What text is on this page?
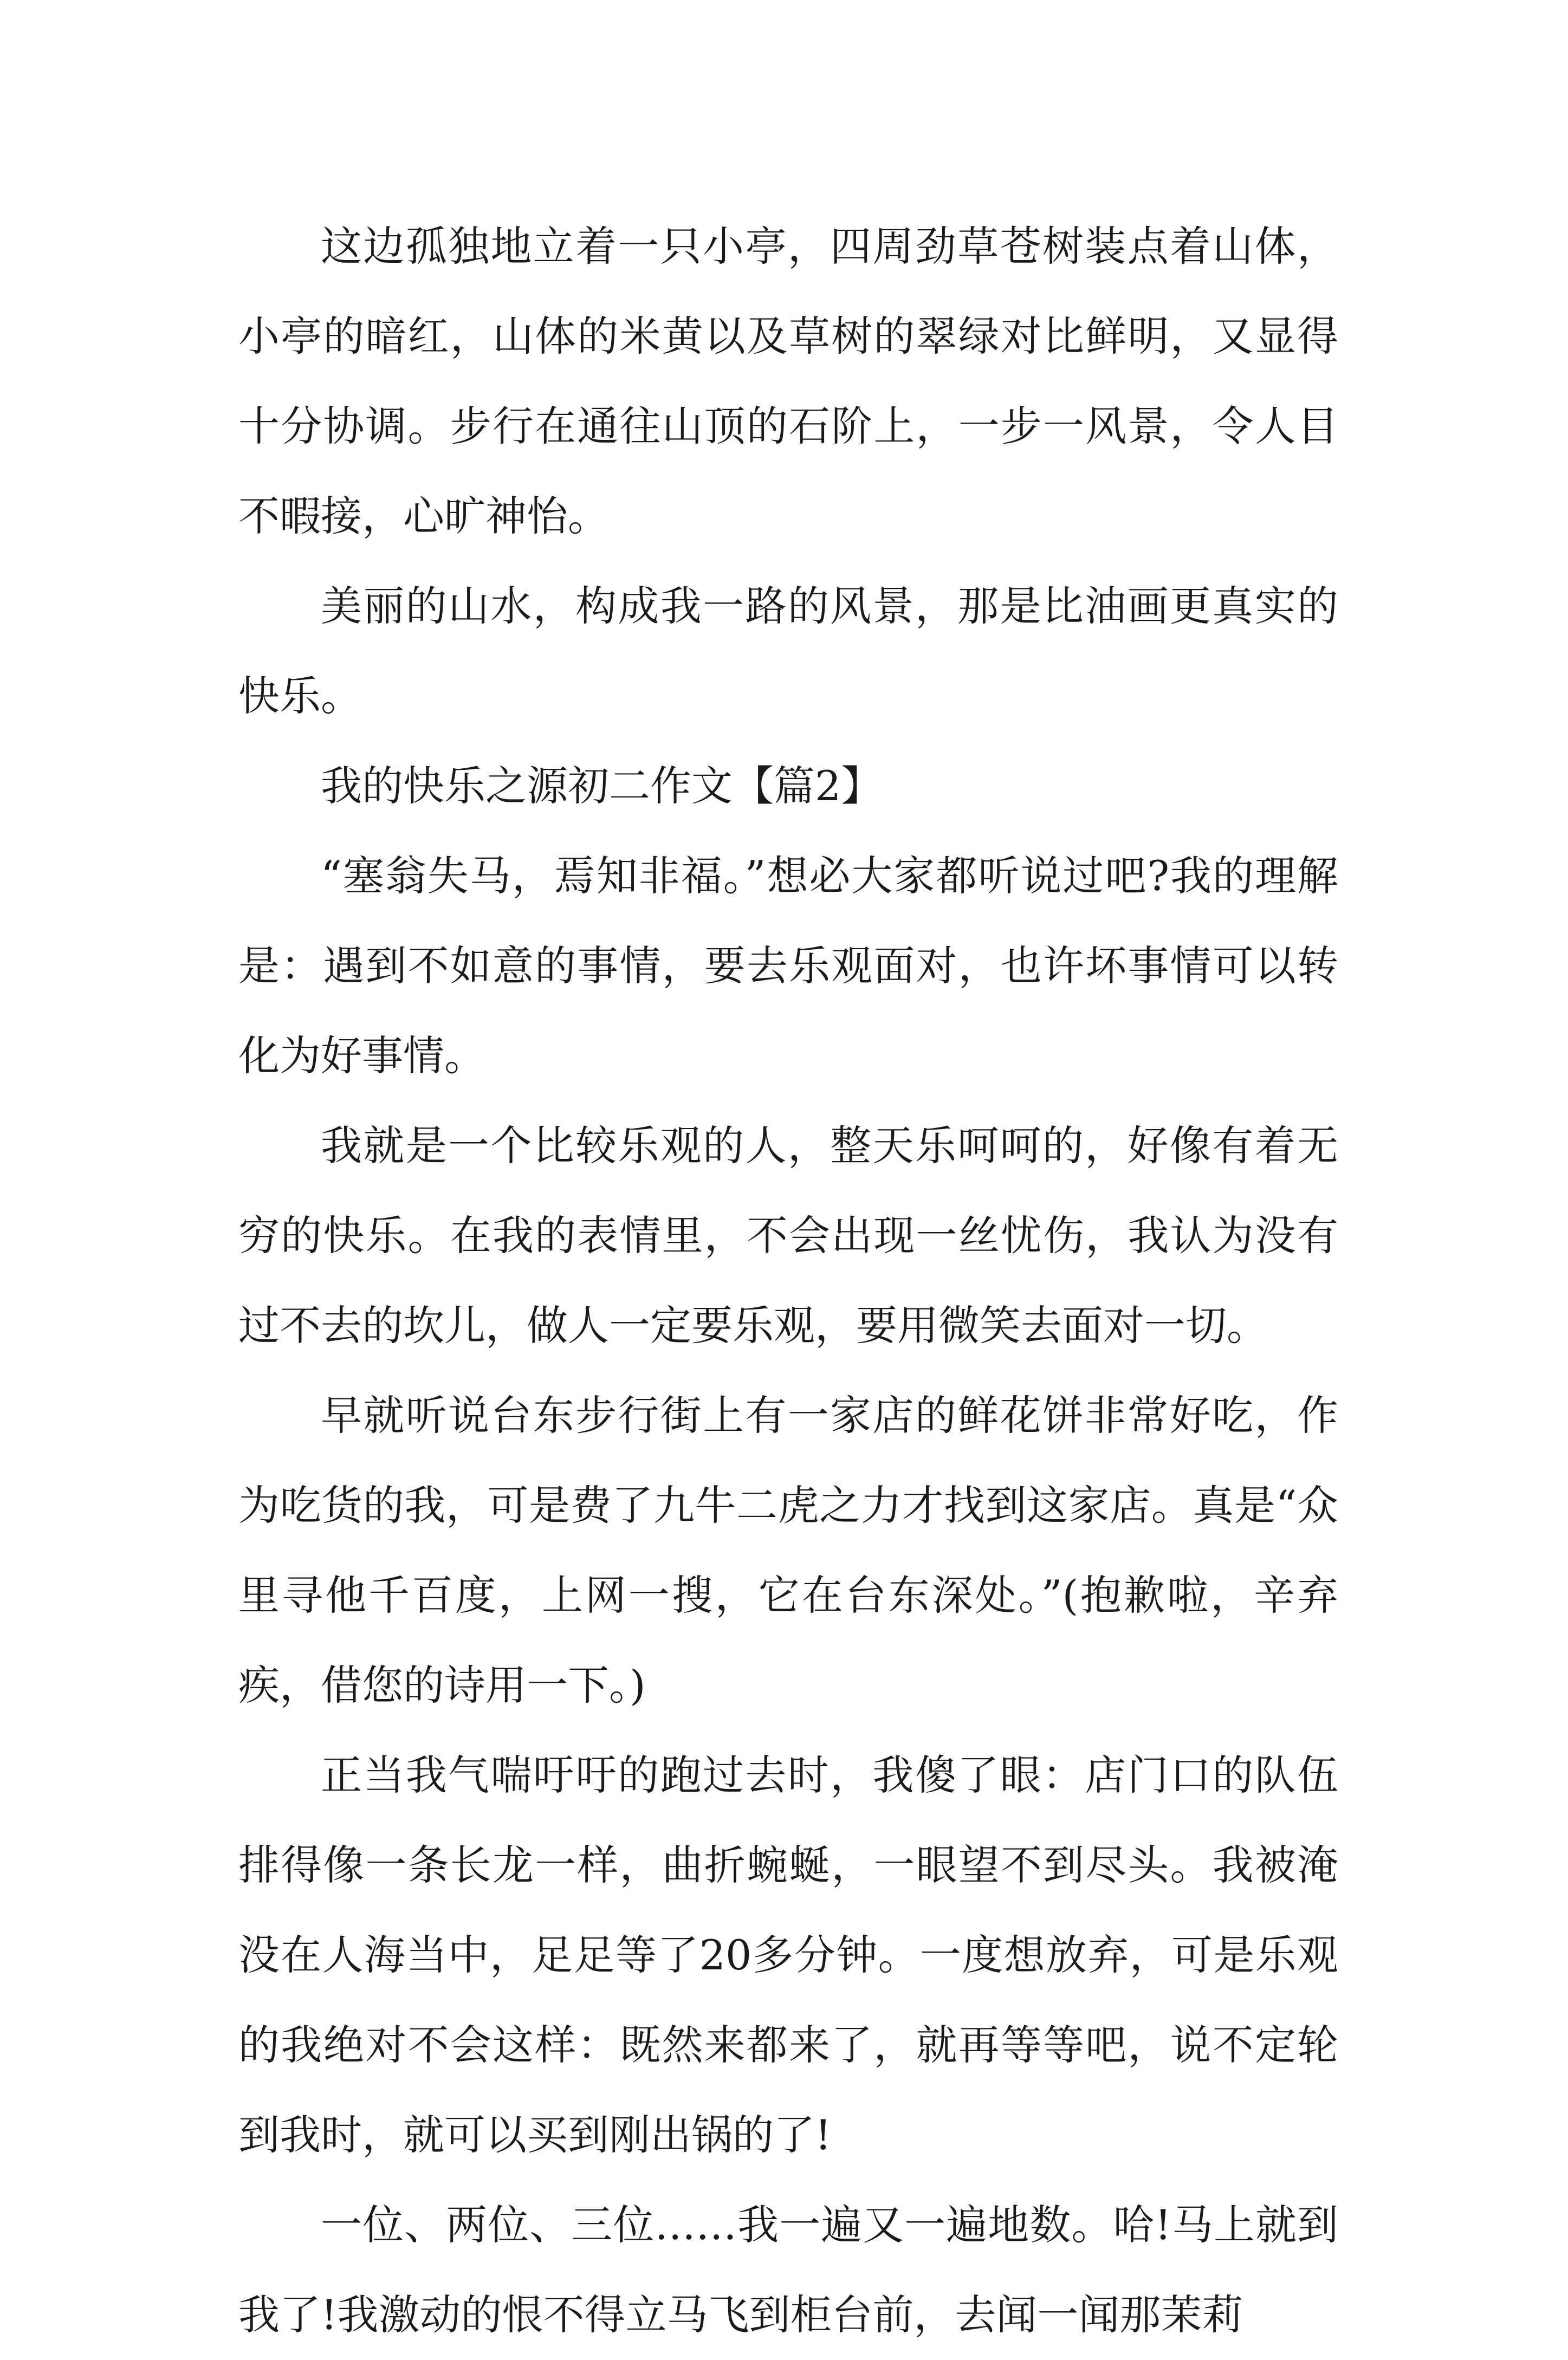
这边孤独地立着一只小亭，四周劲草苍树装点着山体，小亭的暗红，山体的米黄以及草树的翠绿对比鲜明，又显得十分协调。步行在通往山顶的石阶上，一步一风景，令人目不暇接，心旷神怡。

美丽的山水，构成我一路的风景，那是比油画更真实的快乐。

我的快乐之源初二作文【篇2】

“塞翁失马，焉知非福。”想必大家都听说过吧?我的理解是：遇到不如意的事情，要去乐观面对，也许坏事情可以转化为好事情。

我就是一个比较乐观的人，整天乐呵呵的，好像有着无穷的快乐。在我的表情里，不会出现一丝忧伤，我认为没有过不去的坎儿，做人一定要乐观，要用微笑去面对一切。

早就听说台东步行街上有一家店的鲜花饼非常好吃，作为吃货的我，可是费了九牛二虎之力才找到这家店。真是“众里寻他千百度，上网一搜，它在台东深处。”(抱歉啦，辛弃疾，借您的诗用一下。)

正当我气喘吁吁的跑过去时，我傻了眼：店门口的队伍排得像一条长龙一样，曲折蜿蜒，一眼望不到尽头。我被淹没在人海当中，足足等了20多分钟。一度想放弃，可是乐观的我绝对不会这样：既然来都来了，就再等等吧，说不定轮到我时，就可以买到刚出锅的了!

一位、两位、三位……我一遍又一遍地数。哈!马上就到我了!我激动的恨不得立马飞到柜台前，去闻一闻那茉莉
